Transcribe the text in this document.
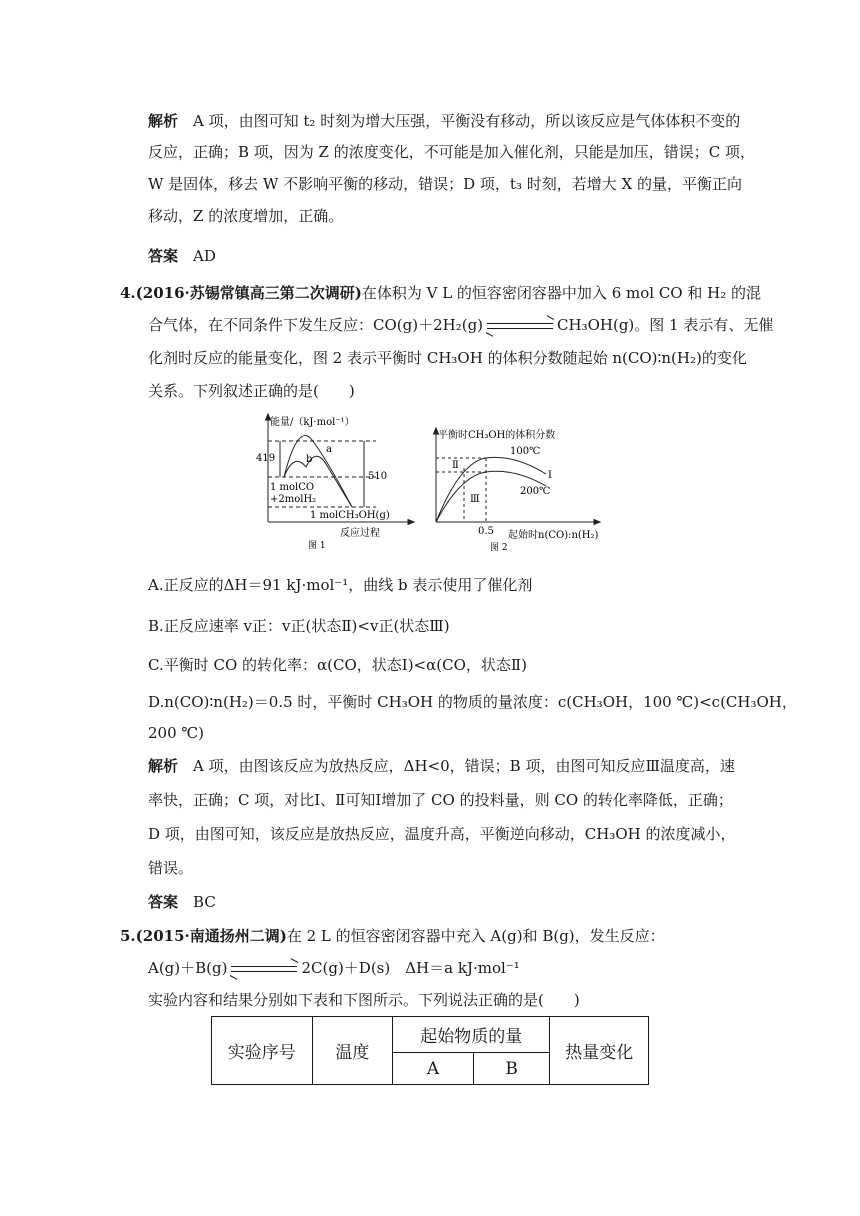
解析　 A 项，由图可知 t₂ 时刻为增大压强，平衡没有移动，所以该反应是气体体积不变的
反应，正确；B 项，因为 Z 的浓度变化，不可能是加入催化剂，只能是加压，错误；C 项，
W 是固体，移去 W 不影响平衡的移动，错误；D 项，t₃ 时刻，若增大 X 的量，平衡正向
移动，Z 的浓度增加，正确。
答案　 AD
4.(2016·苏锡常镇高三第二次调研)在体积为 V L 的恒容密闭容器中加入 6 mol CO 和 H₂ 的混
合气体，在不同条件下发生反应：CO(g)＋2H₂(g)	CH₃OH(g)。图 1 表示有、无催
化剂时反应的能量变化，图 2 表示平衡时 CH₃OH 的体积分数随起始 n(CO)∶n(H₂)的变化
关系。下列叙述正确的是(　　)
能量/（kJ·mol⁻¹）
419
510
a
b
1 molCO
+2molH₂
1 molCH₃OH(g)
反应过程
图 1
平衡时CH₃OH的体积分数
100℃
200℃
Ⅱ
Ⅲ
Ⅰ
0.5 起始时n(CO):n(H₂)
图 2
A.正反应的ΔH＝91 kJ·mol⁻¹，曲线 b 表示使用了催化剂
B.正反应速率 v正：v正(状态Ⅱ)<v正(状态Ⅲ)
C.平衡时 CO 的转化率：α(CO，状态Ⅰ)<α(CO，状态Ⅱ)
D.n(CO)∶n(H₂)＝0.5 时，平衡时 CH₃OH 的物质的量浓度：c(CH₃OH，100 ℃)<c(CH₃OH，
200 ℃)
解析　 A 项，由图该反应为放热反应，ΔH<0，错误；B 项，由图可知反应Ⅲ温度高，速
率快，正确；C 项，对比Ⅰ、Ⅱ可知Ⅰ增加了 CO 的投料量，则 CO 的转化率降低，正确；
D 项，由图可知，该反应是放热反应，温度升高，平衡逆向移动，CH₃OH 的浓度减小，
错误。
答案　 BC
5.(2015·南通扬州二调)在 2 L 的恒容密闭容器中充入 A(g)和 B(g)，发生反应：
A(g)＋B(g)	2C(g)＋D(s)　ΔH＝a kJ·mol⁻¹
实验内容和结果分别如下表和下图所示。下列说法正确的是(　　)
实验序号	温度	起始物质的量		热量变化
		A	B	
